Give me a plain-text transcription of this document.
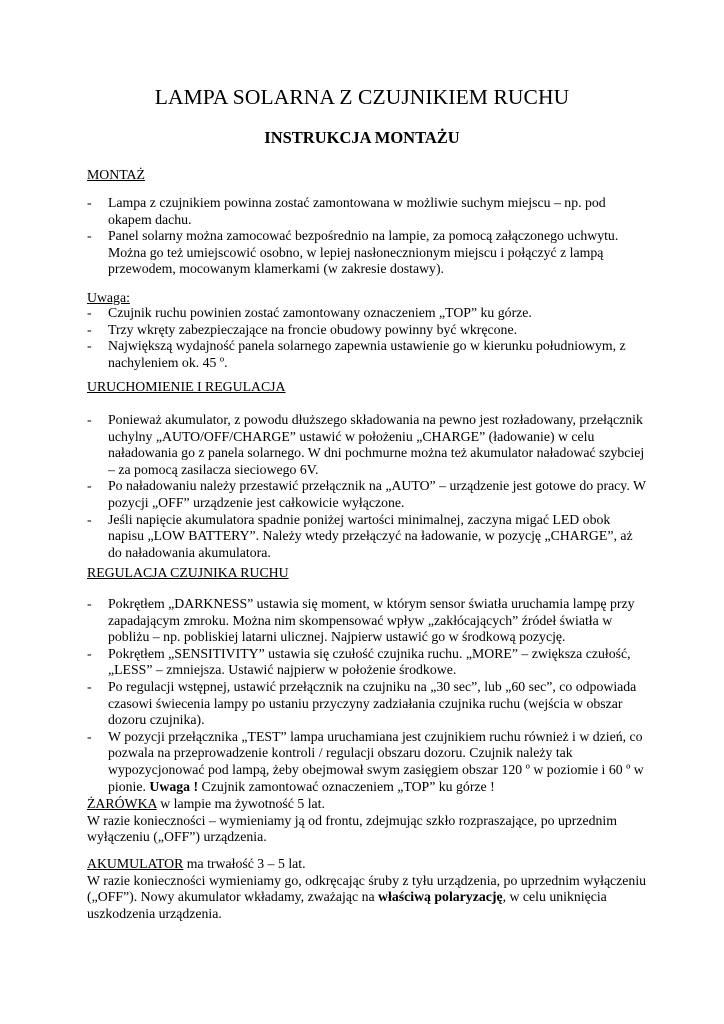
LAMPA SOLARNA Z CZUJNIKIEM RUCHU
INSTRUKCJA MONTAŻU
MONTAŻ
- Lampa z czujnikiem powinna zostać zamontowana w możliwie suchym miejscu – np. pod okapem dachu.
- Panel solarny można zamocować bezpośrednio na lampie, za pomocą załączonego uchwytu. Można go też umiejscowić osobno, w lepiej nasłonecznionym miejscu i połączyć z lampą przewodem, mocowanym klamerkami (w zakresie dostawy).
Uwaga:
- Czujnik ruchu powinien zostać zamontowany oznaczeniem „TOP” ku górze.
- Trzy wkręty zabezpieczające na froncie obudowy powinny być wkręcone.
- Największą wydajność panela solarnego zapewnia ustawienie go w kierunku południowym, z nachyleniem ok. 45 º.
URUCHOMIENIE I REGULACJA
- Ponieważ akumulator, z powodu dłuższego składowania na pewno jest rozładowany, przełącznik uchylny „AUTO/OFF/CHARGE” ustawić w położeniu „CHARGE” (ładowanie) w celu naładowania go z panela solarnego. W dni pochmurne można też akumulator naładować szybciej – za pomocą zasilacza sieciowego 6V.
- Po naładowaniu należy przestawić przełącznik na „AUTO” – urządzenie jest gotowe do pracy. W pozycji „OFF” urządzenie jest całkowicie wyłączone.
- Jeśli napięcie akumulatora spadnie poniżej wartości minimalnej, zaczyna migać LED obok napisu „LOW BATTERY”. Należy wtedy przełączyć na ładowanie, w pozycję „CHARGE”, aż do naładowania akumulatora.
REGULACJA CZUJNIKA RUCHU
- Pokrętłem „DARKNESS” ustawia się moment, w którym sensor światła uruchamia lampę przy zapadającym zmroku. Można nim skompensować wpływ „zakłócających” źródeł światła w pobliżu – np. pobliskiej latarni ulicznej. Najpierw ustawić go w środkową pozycję.
- Pokrętłem „SENSITIVITY” ustawia się czułość czujnika ruchu. „MORE” – zwiększa czułość, „LESS” – zmniejsza. Ustawić najpierw w położenie środkowe.
- Po regulacji wstępnej, ustawić przełącznik na czujniku na „30 sec”, lub „60 sec”, co odpowiada czasowi świecenia lampy po ustaniu przyczyny zadziałania czujnika ruchu (wejścia w obszar dozoru czujnika).
- W pozycji przełącznika „TEST” lampa uruchamiana jest czujnikiem ruchu również i w dzień, co pozwala na przeprowadzenie kontroli / regulacji obszaru dozoru. Czujnik należy tak wypozycjonować pod lampą, żeby obejmował swym zasięgiem obszar 120 º w poziomie i 60 º w pionie. Uwaga ! Czujnik zamontować oznaczeniem „TOP” ku górze !

ŻARÓWKA w lampie ma żywotność 5 lat.
W razie konieczności – wymieniamy ją od frontu, zdejmując szkło rozpraszające, po uprzednim wyłączeniu („OFF”) urządzenia.

AKUMULATOR ma trwałość 3 – 5 lat.
W razie konieczności wymieniamy go, odkręcając śruby z tyłu urządzenia, po uprzednim wyłączeniu („OFF”). Nowy akumulator wkładamy, zważając na właściwą polaryzację, w celu uniknięcia uszkodzenia urządzenia.
